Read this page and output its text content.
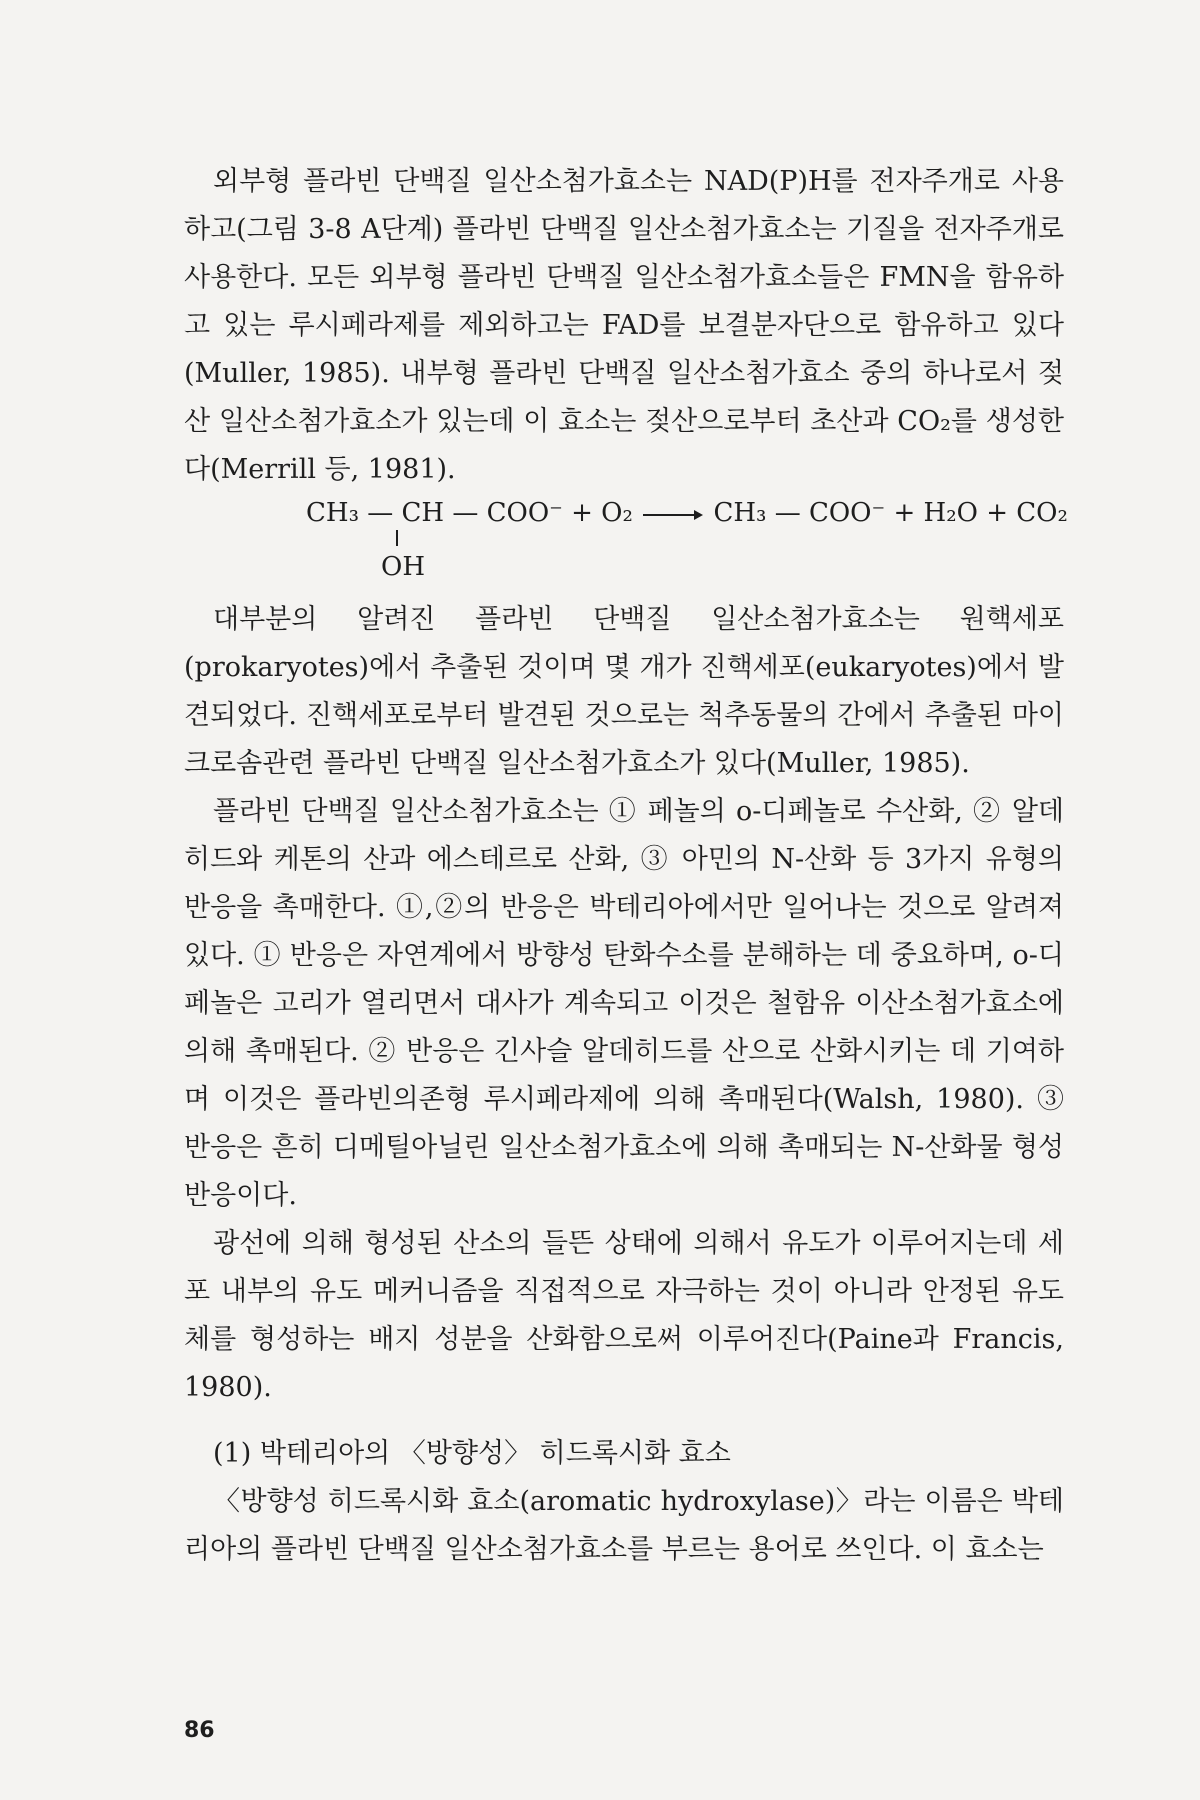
외부형 플라빈 단백질 일산소첨가효소는 NAD(P)H를 전자주개로 사용하고(그림 3-8 A단계) 플라빈 단백질 일산소첨가효소는 기질을 전자주개로 사용한다. 모든 외부형 플라빈 단백질 일산소첨가효소들은 FMN을 함유하고 있는 루시페라제를 제외하고는 FAD를 보결분자단으로 함유하고 있다(Muller, 1985). 내부형 플라빈 단백질 일산소첨가효소 중의 하나로서 젖산 일산소첨가효소가 있는데 이 효소는 젖산으로부터 초산과 CO₂를 생성한다(Merrill 등, 1981).

CH₃ — CH — COO⁻ + O₂	CH₃ — COO⁻ + H₂O + CO₂
OH

대부분의 알려진 플라빈 단백질 일산소첨가효소는 원핵세포(prokaryotes)에서 추출된 것이며 몇 개가 진핵세포(eukaryotes)에서 발견되었다. 진핵세포로부터 발견된 것으로는 척추동물의 간에서 추출된 마이크로솜관련 플라빈 단백질 일산소첨가효소가 있다(Muller, 1985).

플라빈 단백질 일산소첨가효소는 ① 페놀의 o-디페놀로 수산화, ② 알데히드와 케톤의 산과 에스테르로 산화, ③ 아민의 N-산화 등 3가지 유형의 반응을 촉매한다. ①,②의 반응은 박테리아에서만 일어나는 것으로 알려져 있다. ① 반응은 자연계에서 방향성 탄화수소를 분해하는 데 중요하며, o-디페놀은 고리가 열리면서 대사가 계속되고 이것은 철함유 이산소첨가효소에 의해 촉매된다. ② 반응은 긴사슬 알데히드를 산으로 산화시키는 데 기여하며 이것은 플라빈의존형 루시페라제에 의해 촉매된다(Walsh, 1980). ③ 반응은 흔히 디메틸아닐린 일산소첨가효소에 의해 촉매되는 N-산화물 형성 반응이다.

광선에 의해 형성된 산소의 들뜬 상태에 의해서 유도가 이루어지는데 세포 내부의 유도 메커니즘을 직접적으로 자극하는 것이 아니라 안정된 유도체를 형성하는 배지 성분을 산화함으로써 이루어진다(Paine과 Francis, 1980).

(1) 박테리아의 〈방향성〉 히드록시화 효소

〈방향성 히드록시화 효소(aromatic hydroxylase)〉라는 이름은 박테리아의 플라빈 단백질 일산소첨가효소를 부르는 용어로 쓰인다. 이 효소는

86
